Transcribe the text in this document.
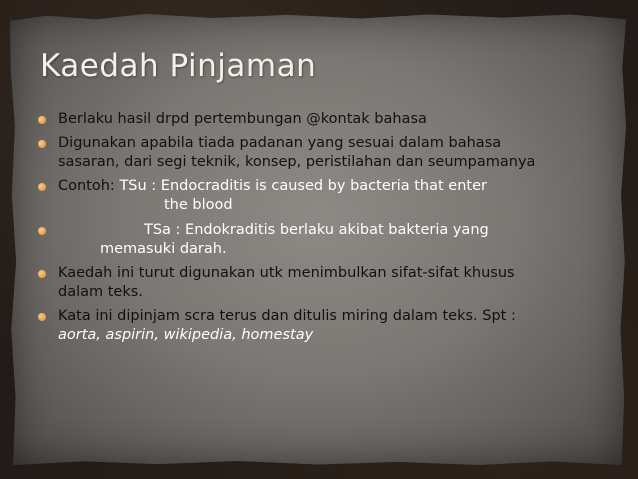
Kaedah Pinjaman
Berlaku hasil drpd pertembungan @kontak bahasa
Digunakan apabila tiada padanan yang sesuai dalam bahasa
sasaran, dari segi teknik, konsep, peristilahan dan seumpamanya
Contoh: TSu : Endocraditis is caused by bacteria that enter
the blood
TSa : Endokraditis berlaku akibat bakteria yang
memasuki darah.
Kaedah ini turut digunakan utk menimbulkan sifat-sifat khusus
dalam teks.
Kata ini dipinjam scra terus dan ditulis miring dalam teks. Spt :
aorta, aspirin, wikipedia, homestay
